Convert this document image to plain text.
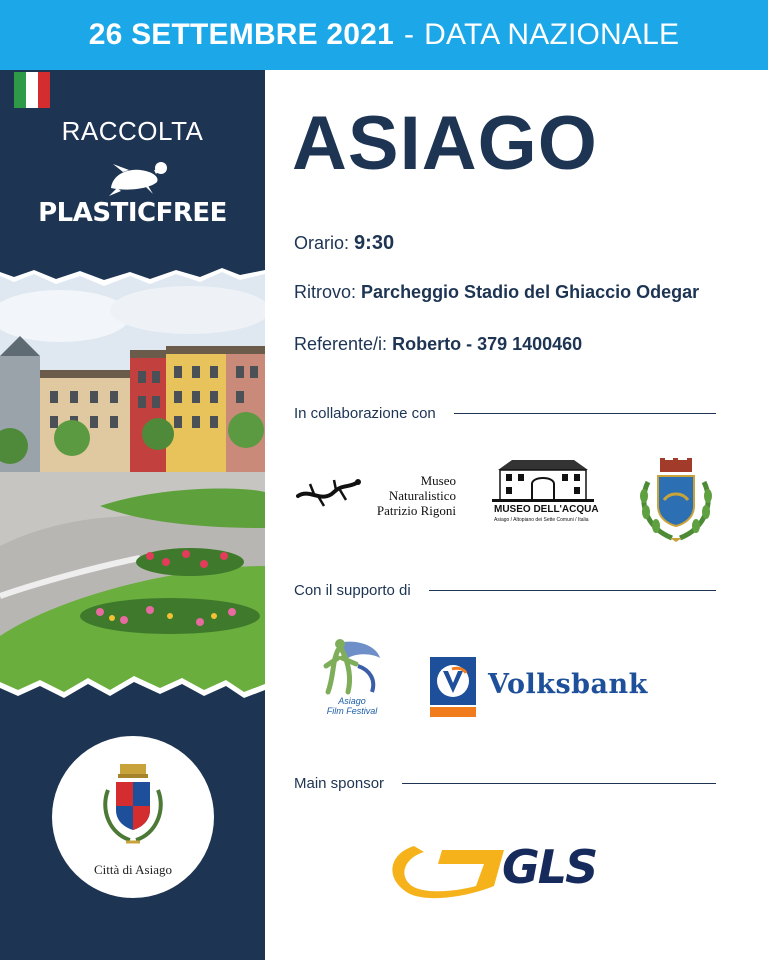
26 SETTEMBRE 2021 - DATA NAZIONALE
RACCOLTA
PLASTICFREE
Città di Asiago
ASIAGO
Orario: 9:30
Ritrovo: Parcheggio Stadio del Ghiaccio Odegar
Referente/i: Roberto - 379 1400460
In collaborazione con
Museo
Naturalistico
Patrizio Rigoni	MUSEO DELL'ACQUA
Asiago / Altopiano dei Sette Comuni / Italia
Con il supporto di
Asiago
Film Festival
Volksbank
Main sponsor
GLS
